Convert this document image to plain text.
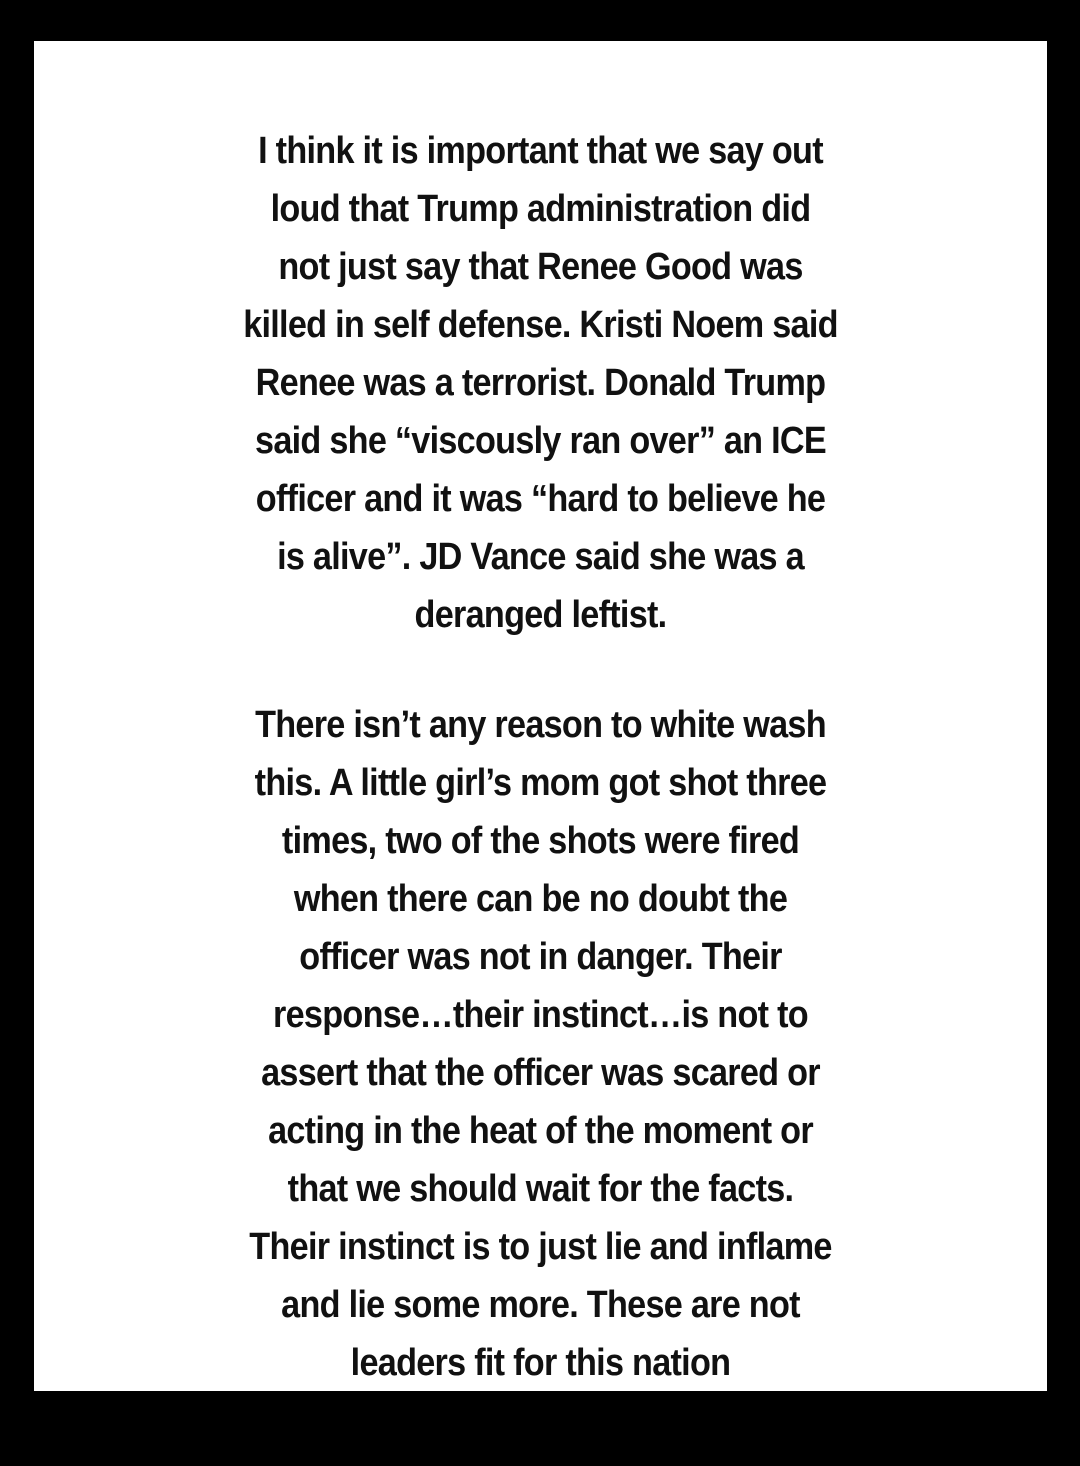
I think it is important that we say out
loud that Trump administration did
not just say that Renee Good was
killed in self defense. Kristi Noem said
Renee was a terrorist. Donald Trump
said she “viscously ran over” an ICE
officer and it was “hard to believe he
is alive”. JD Vance said she was a
deranged leftist.
There isn’t any reason to white wash
this. A little girl’s mom got shot three
times, two of the shots were fired
when there can be no doubt the
officer was not in danger. Their
response…their instinct…is not to
assert that the officer was scared or
acting in the heat of the moment or
that we should wait for the facts.
Their instinct is to just lie and inflame
and lie some more. These are not
leaders fit for this nation
